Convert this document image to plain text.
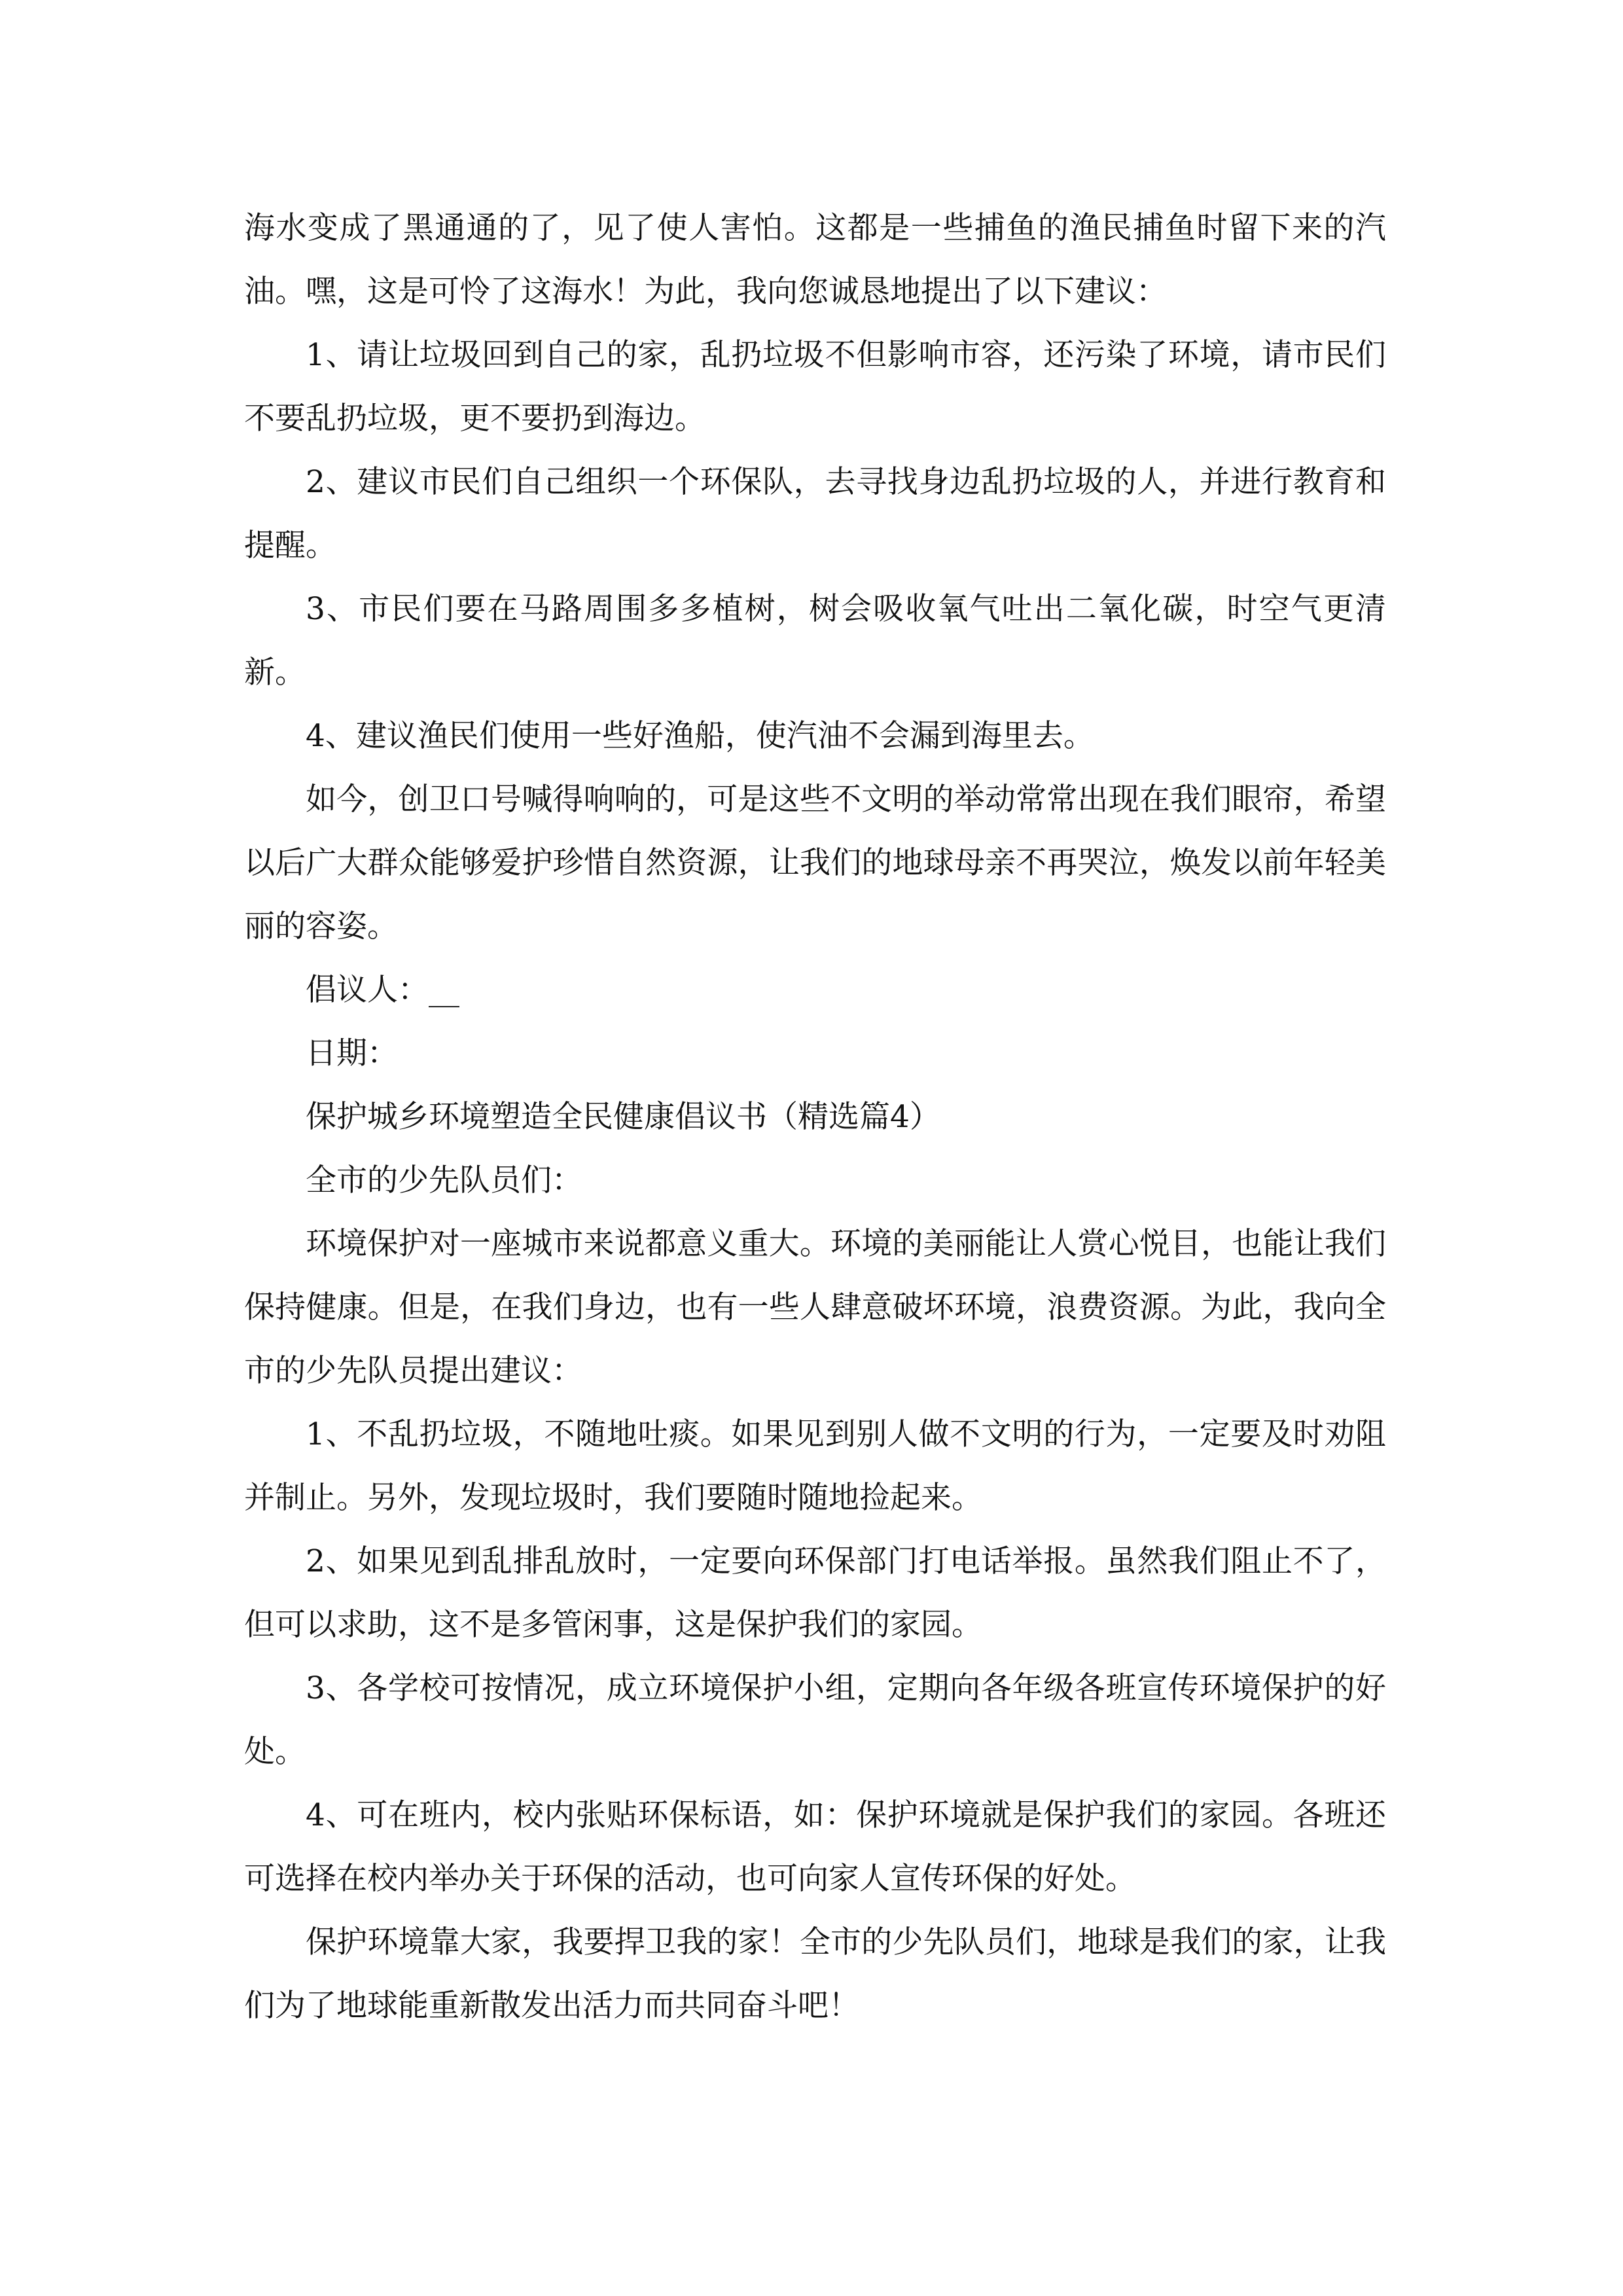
海水变成了黑通通的了，见了使人害怕。这都是一些捕鱼的渔民捕鱼时留下来的汽油。嘿，这是可怜了这海水！为此，我向您诚恳地提出了以下建议：

1、请让垃圾回到自己的家，乱扔垃圾不但影响市容，还污染了环境，请市民们不要乱扔垃圾，更不要扔到海边。

2、建议市民们自己组织一个环保队，去寻找身边乱扔垃圾的人，并进行教育和提醒。

3、市民们要在马路周围多多植树，树会吸收氧气吐出二氧化碳，时空气更清新。

4、建议渔民们使用一些好渔船，使汽油不会漏到海里去。

如今，创卫口号喊得响响的，可是这些不文明的举动常常出现在我们眼帘，希望以后广大群众能够爱护珍惜自然资源，让我们的地球母亲不再哭泣，焕发以前年轻美丽的容姿。

倡议人：__

日期：

保护城乡环境塑造全民健康倡议书（精选篇4）

全市的少先队员们：

环境保护对一座城市来说都意义重大。环境的美丽能让人赏心悦目，也能让我们保持健康。但是，在我们身边，也有一些人肆意破坏环境，浪费资源。为此，我向全市的少先队员提出建议：

1、不乱扔垃圾，不随地吐痰。如果见到别人做不文明的行为，一定要及时劝阻并制止。另外，发现垃圾时，我们要随时随地捡起来。

2、如果见到乱排乱放时，一定要向环保部门打电话举报。虽然我们阻止不了，但可以求助，这不是多管闲事，这是保护我们的家园。

3、各学校可按情况，成立环境保护小组，定期向各年级各班宣传环境保护的好处。

4、可在班内，校内张贴环保标语，如：保护环境就是保护我们的家园。各班还可选择在校内举办关于环保的活动，也可向家人宣传环保的好处。

保护环境靠大家，我要捍卫我的家！全市的少先队员们，地球是我们的家，让我们为了地球能重新散发出活力而共同奋斗吧！
